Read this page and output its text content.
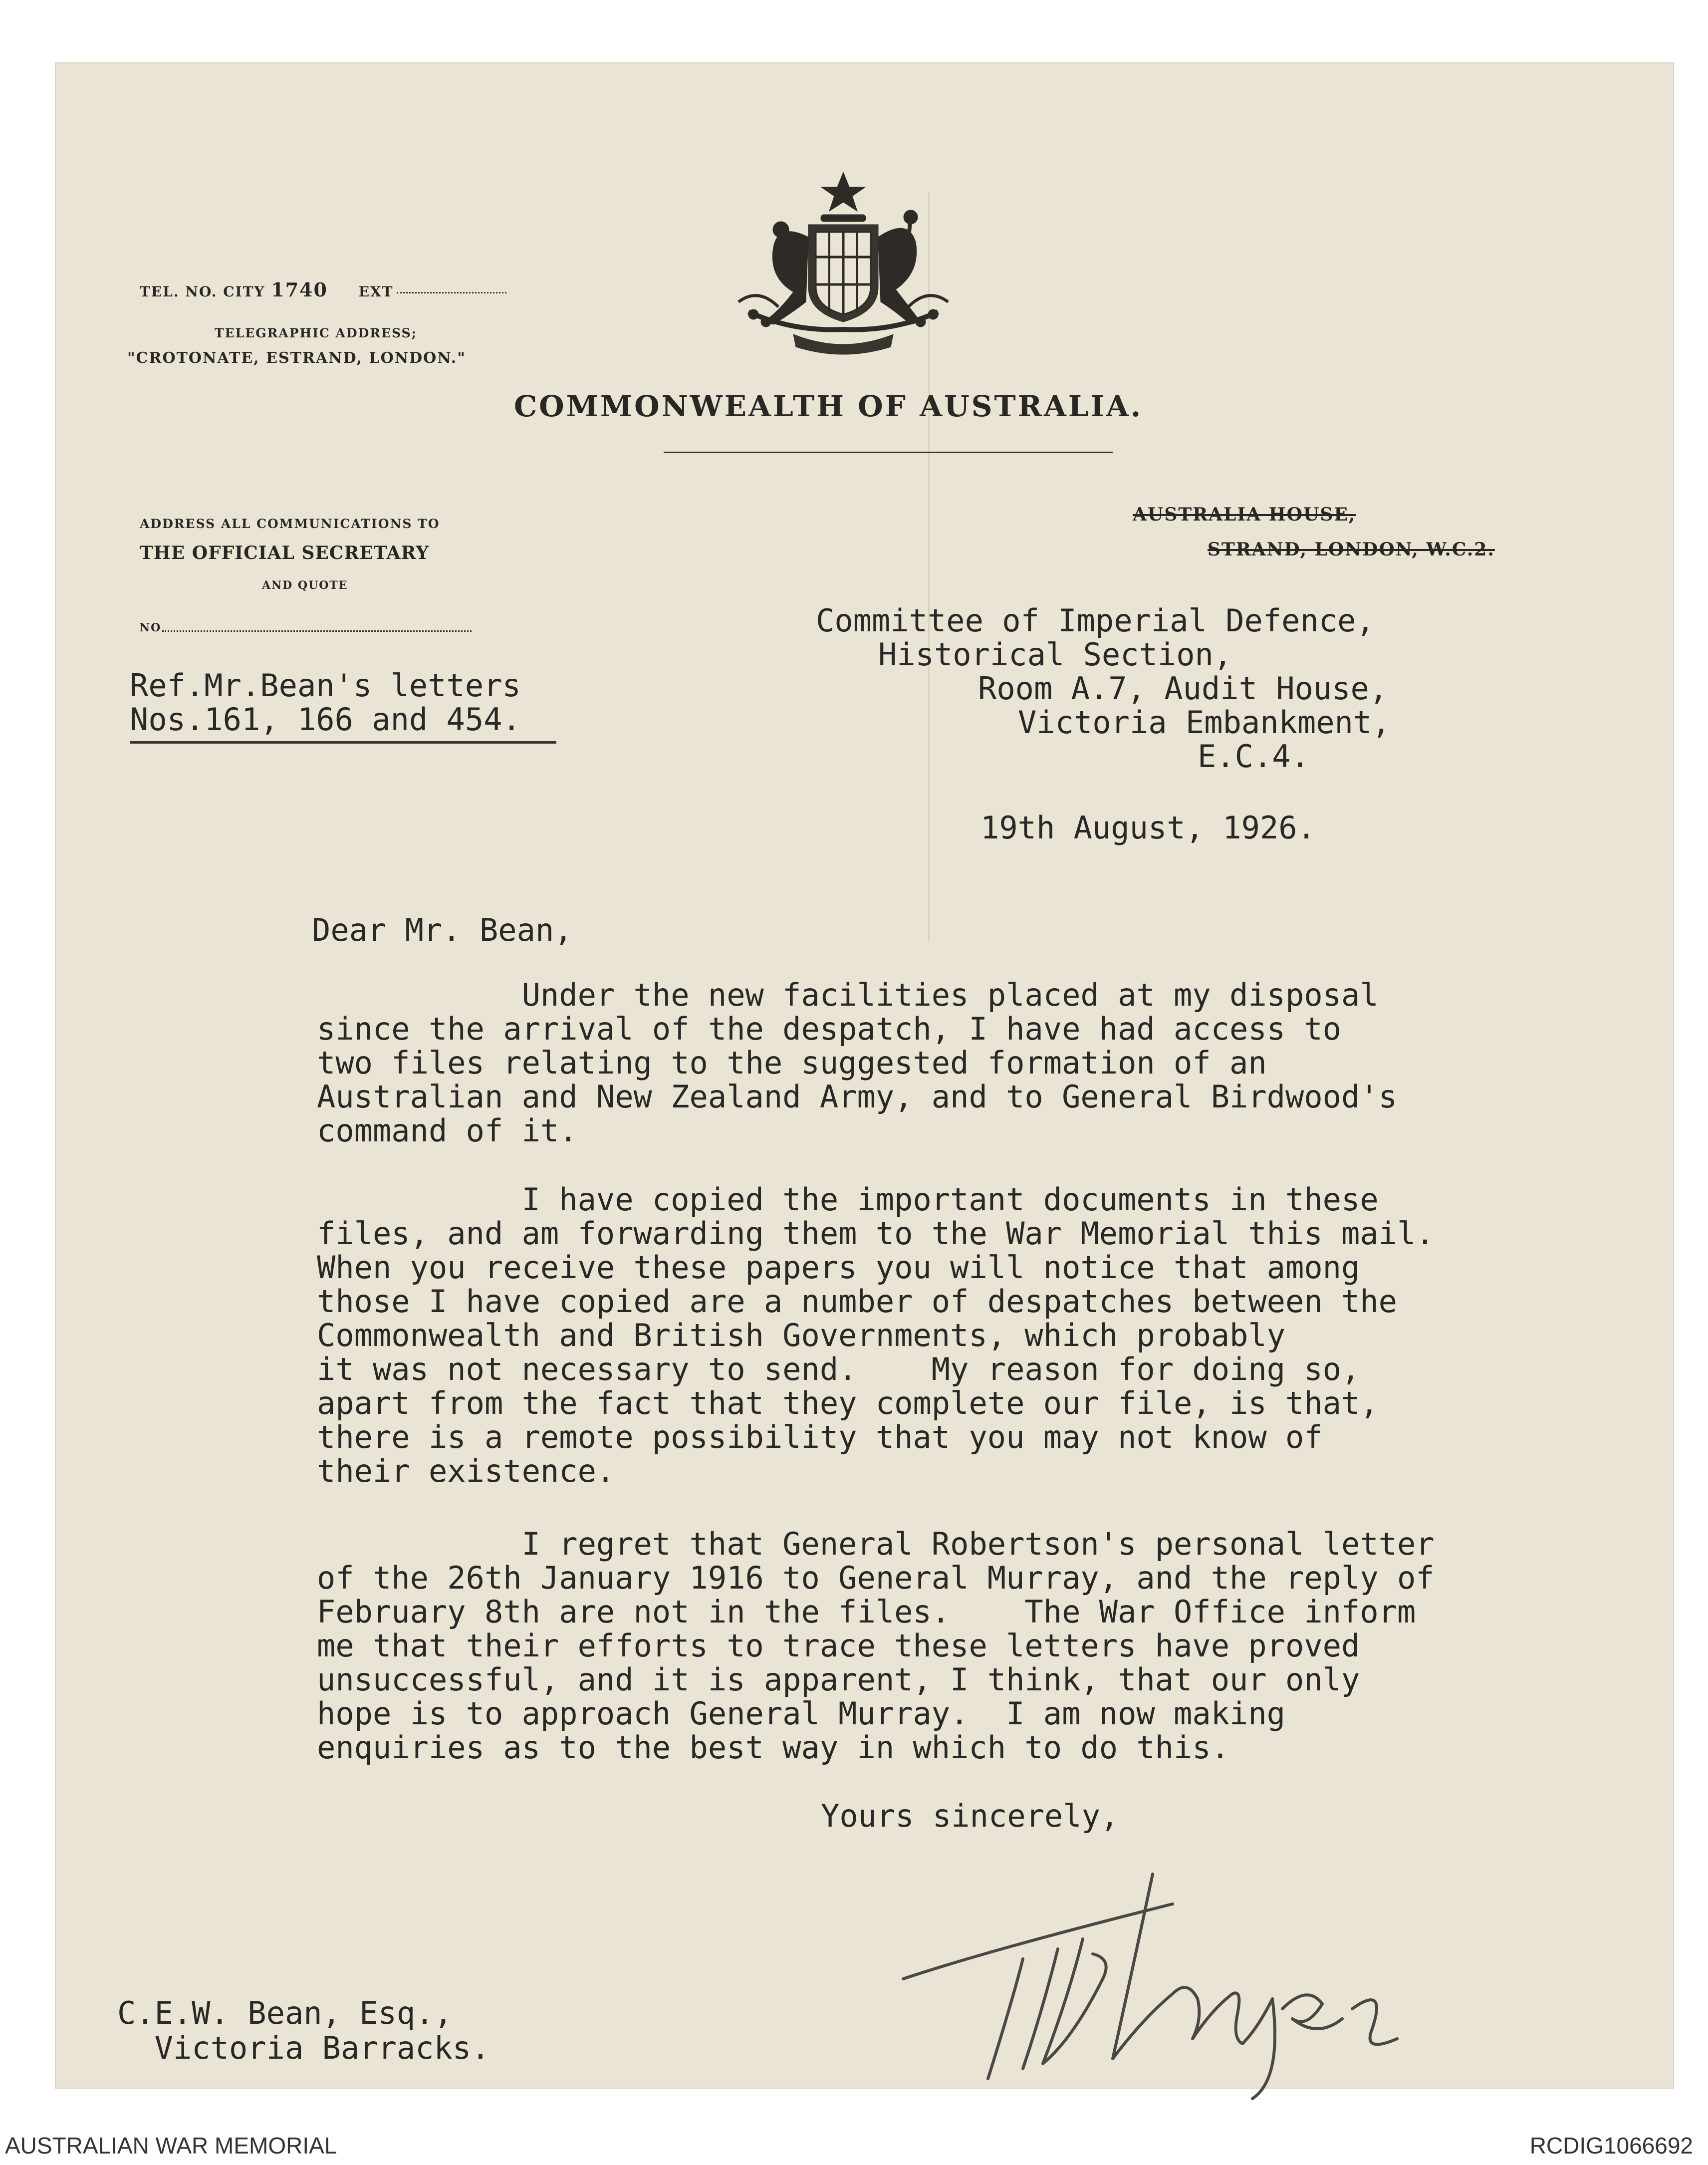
TEL. NO. CITY 1740 EXT
TELEGRAPHIC ADDRESS;
"CROTONATE, ESTRAND, LONDON."
COMMONWEALTH OF AUSTRALIA.
ADDRESS ALL COMMUNICATIONS TO
THE OFFICIAL SECRETARY
AND QUOTE
NO
AUSTRALIA HOUSE,
STRAND, LONDON, W.C.2.
Ref.Mr.Bean's letters
Nos.161, 166 and 454.
Committee of Imperial Defence,
Historical Section,
Room A.7, Audit House,
Victoria Embankment,
E.C.4.
19th August, 1926.
Dear Mr. Bean,
Under the new facilities placed at my disposal
since the arrival of the despatch, I have had access to
two files relating to the suggested formation of an
Australian and New Zealand Army, and to General Birdwood's
command of it.
I have copied the important documents in these
files, and am forwarding them to the War Memorial this mail.
When you receive these papers you will notice that among
those I have copied are a number of despatches between the
Commonwealth and British Governments, which probably
it was not necessary to send.    My reason for doing so,
apart from the fact that they complete our file, is that,
there is a remote possibility that you may not know of
their existence.
I regret that General Robertson's personal letter
of the 26th January 1916 to General Murray, and the reply of
February 8th are not in the files.    The War Office inform
me that their efforts to trace these letters have proved
unsuccessful, and it is apparent, I think, that our only
hope is to approach General Murray.  I am now making
enquiries as to the best way in which to do this.
Yours sincerely,
C.E.W. Bean, Esq.,
Victoria Barracks.
AUSTRALIAN WAR MEMORIAL	RCDIG1066692
